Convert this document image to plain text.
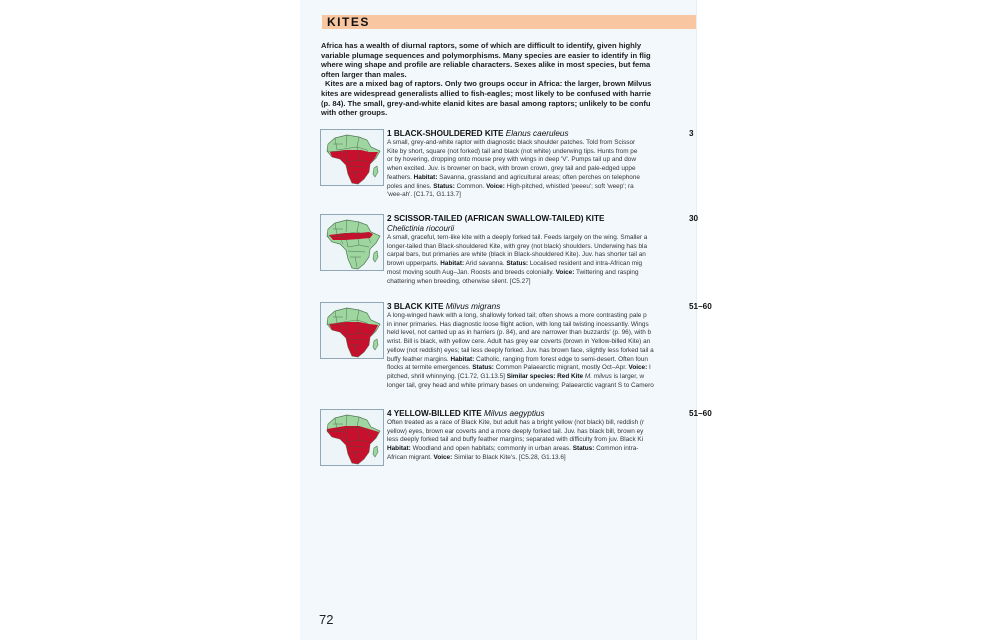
KITES
Africa has a wealth of diurnal raptors, some of which are difficult to identify, given highly
variable plumage sequences and polymorphisms. Many species are easier to identify in flig
where wing shape and profile are reliable characters. Sexes alike in most species, but fema
often larger than males.
Kites are a mixed bag of raptors. Only two groups occur in Africa: the larger, brown Milvus
kites are widespread generalists allied to fish-eagles; most likely to be confused with harrie
(p. 84). The small, grey-and-white elanid kites are basal among raptors; unlikely to be confu
with other groups.
1 BLACK-SHOULDERED KITE Elanus caeruleus	3
A small, grey-and-white raptor with diagnostic black shoulder patches. Told from Scissor
Kite by short, square (not forked) tail and black (not white) underwing tips. Hunts from pe
or by hovering, dropping onto mouse prey with wings in deep 'V'. Pumps tail up and dow
when excited. Juv. is browner on back, with brown crown, grey tail and pale-edged uppe
feathers. Habitat: Savanna, grassland and agricultural areas; often perches on telephone
poles and lines. Status: Common. Voice: High-pitched, whistled 'peeeu'; soft 'weep'; ra
'wee-ah'. [C1.71, G1.13.7]
2 SCISSOR-TAILED (AFRICAN SWALLOW-TAILED) KITE	30
Chelictinia riocourii
A small, graceful, tern-like kite with a deeply forked tail. Feeds largely on the wing. Smaller a
longer-tailed than Black-shouldered Kite, with grey (not black) shoulders. Underwing has bla
carpal bars, but primaries are white (black in Black-shouldered Kite). Juv. has shorter tail an
brown upperparts. Habitat: Arid savanna. Status: Localised resident and intra-African mig
most moving south Aug–Jan. Roosts and breeds colonially. Voice: Twittering and rasping
chattering when breeding, otherwise silent. [C5.27]
3 BLACK KITE Milvus migrans	51–60
A long-winged hawk with a long, shallowly forked tail; often shows a more contrasting pale p
in inner primaries. Has diagnostic loose flight action, with long tail twisting incessantly. Wings
held level, not canted up as in harriers (p. 84), and are narrower than buzzards' (p. 96), with b
wrist. Bill is black, with yellow cere. Adult has grey ear coverts (brown in Yellow-billed Kite) an
yellow (not reddish) eyes; tail less deeply forked. Juv. has brown face, slightly less forked tail a
buffy feather margins. Habitat: Catholic, ranging from forest edge to semi-desert. Often foun
flocks at termite emergences. Status: Common Palaearctic migrant, mostly Oct–Apr. Voice: I
pitched, shrill whinnying. [C1.72, G1.13.5] Similar species: Red Kite M. milvus is larger, w
longer tail, grey head and white primary bases on underwing; Palaearctic vagrant S to Camero
4 YELLOW-BILLED KITE Milvus aegyptius	51–60
Often treated as a race of Black Kite, but adult has a bright yellow (not black) bill, reddish (r
yellow) eyes, brown ear coverts and a more deeply forked tail. Juv. has black bill, brown ey
less deeply forked tail and buffy feather margins; separated with difficulty from juv. Black Ki
Habitat: Woodland and open habitats; commonly in urban areas. Status: Common intra-
African migrant. Voice: Similar to Black Kite's. [C5.28, G1.13.6]
72
